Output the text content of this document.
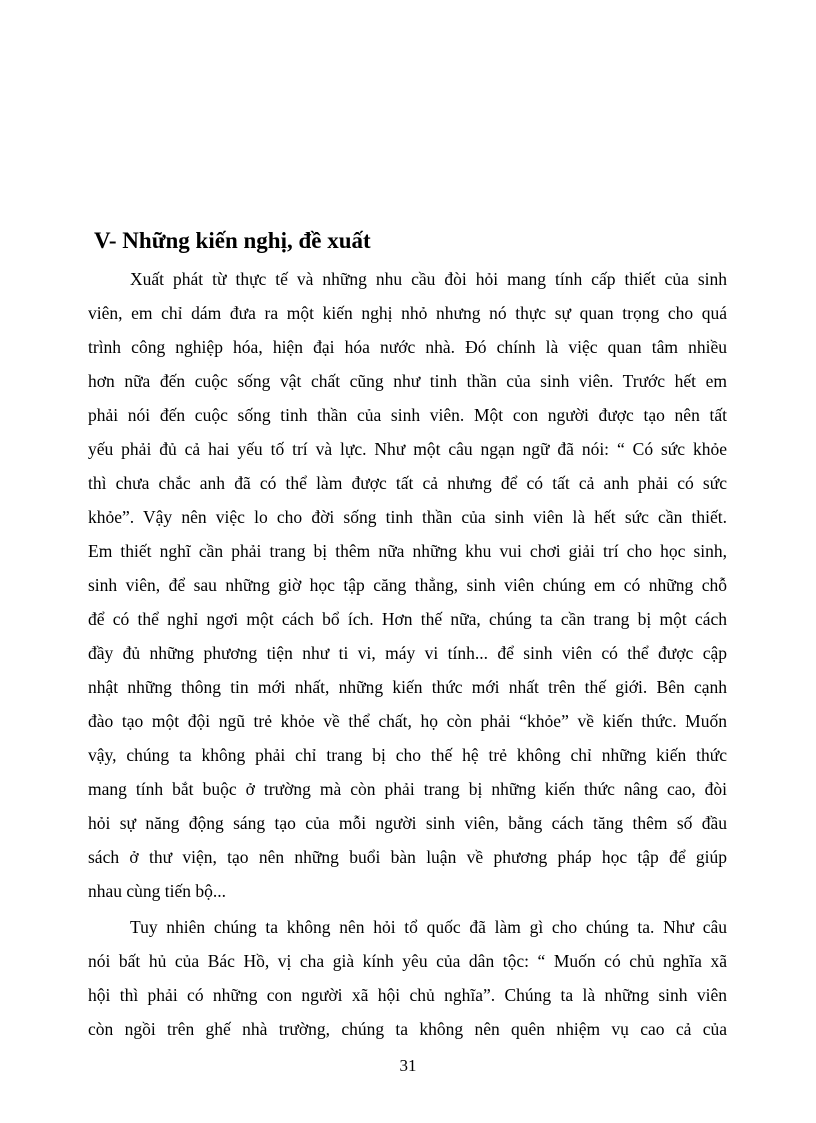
V- Những kiến nghị, đề xuất
Xuất phát từ thực tế và những nhu cầu đòi hỏi mang tính cấp thiết của sinh
viên, em chỉ dám đưa ra một kiến nghị nhỏ nhưng nó thực sự quan trọng cho quá
trình công nghiệp hóa, hiện đại hóa nước nhà. Đó chính là việc quan tâm nhiều
hơn nữa đến cuộc sống vật chất cũng như tinh thần của sinh viên. Trước hết em
phải nói đến cuộc sống tinh thần của sinh viên. Một con người được tạo nên tất
yếu phải đủ cả hai yếu tố trí và lực. Như một câu ngạn ngữ đã nói: “ Có sức khỏe
thì chưa chắc anh đã có thể làm được tất cả nhưng để có tất cả anh phải có sức
khỏe”. Vậy nên việc lo cho đời sống tinh thần của sinh viên là hết sức cần thiết.
Em thiết nghĩ cần phải trang bị thêm nữa những khu vui chơi giải trí cho học sinh,
sinh viên, để sau những giờ học tập căng thẳng, sinh viên chúng em có những chỗ
để có thể nghỉ ngơi một cách bổ ích. Hơn thế nữa, chúng ta cần trang bị một cách
đầy đủ những phương tiện như ti vi, máy vi tính... để sinh viên có thể được cập
nhật những thông tin mới nhất, những kiến thức mới nhất trên thế giới. Bên cạnh
đào tạo một đội ngũ trẻ khỏe về thể chất, họ còn phải “khỏe” về kiến thức. Muốn
vậy, chúng ta không phải chỉ trang bị cho thế hệ trẻ không chỉ những kiến thức
mang tính bắt buộc ở trường mà còn phải trang bị những kiến thức nâng cao, đòi
hỏi sự năng động sáng tạo của mỗi người sinh viên, bằng cách tăng thêm số đầu
sách ở thư viện, tạo nên những buổi bàn luận về phương pháp học tập để giúp
nhau cùng tiến bộ...
Tuy nhiên chúng ta không nên hỏi tổ quốc đã làm gì cho chúng ta. Như câu
nói bất hủ của Bác Hồ, vị cha già kính yêu của dân tộc: “ Muốn có chủ nghĩa xã
hội thì phải có những con người xã hội chủ nghĩa”. Chúng ta là những sinh viên
còn ngồi trên ghế nhà trường, chúng ta không nên quên nhiệm vụ cao cả của
31
